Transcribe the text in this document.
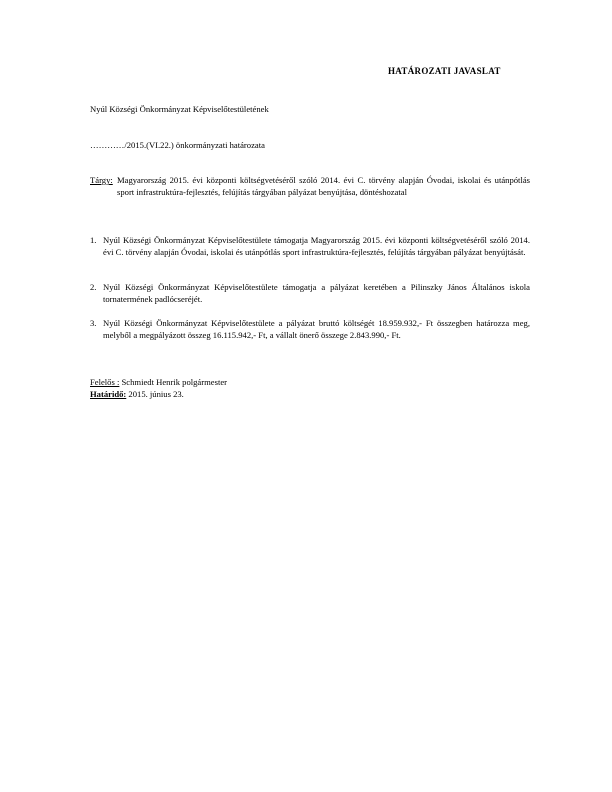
HATÁROZATI JAVASLAT
Nyúl Községi Önkormányzat Képviselőtestületének
…………/2015.(VI.22.) önkormányzati határozata
Tárgy: Magyarország 2015. évi központi költségvetéséről szóló 2014. évi C. törvény alapján Óvodai, iskolai és utánpótlás sport infrastruktúra-fejlesztés, felújítás tárgyában pályázat benyújtása, döntéshozatal
1. Nyúl Községi Önkormányzat Képviselőtestülete támogatja Magyarország 2015. évi központi költségvetéséről szóló 2014. évi C. törvény alapján Óvodai, iskolai és utánpótlás sport infrastruktúra-fejlesztés, felújítás tárgyában pályázat benyújtását.
2. Nyúl Községi Önkormányzat Képviselőtestülete támogatja a pályázat keretében a Pilinszky János Általános iskola tornatermének padlócseréjét.
3. Nyúl Községi Önkormányzat Képviselőtestülete a pályázat bruttó költségét 18.959.932,- Ft összegben határozza meg, melyből a megpályázott összeg 16.115.942,- Ft, a vállalt önerő összege 2.843.990,- Ft.
Felelős : Schmiedt Henrik polgármester
Határidő: 2015. június 23.
